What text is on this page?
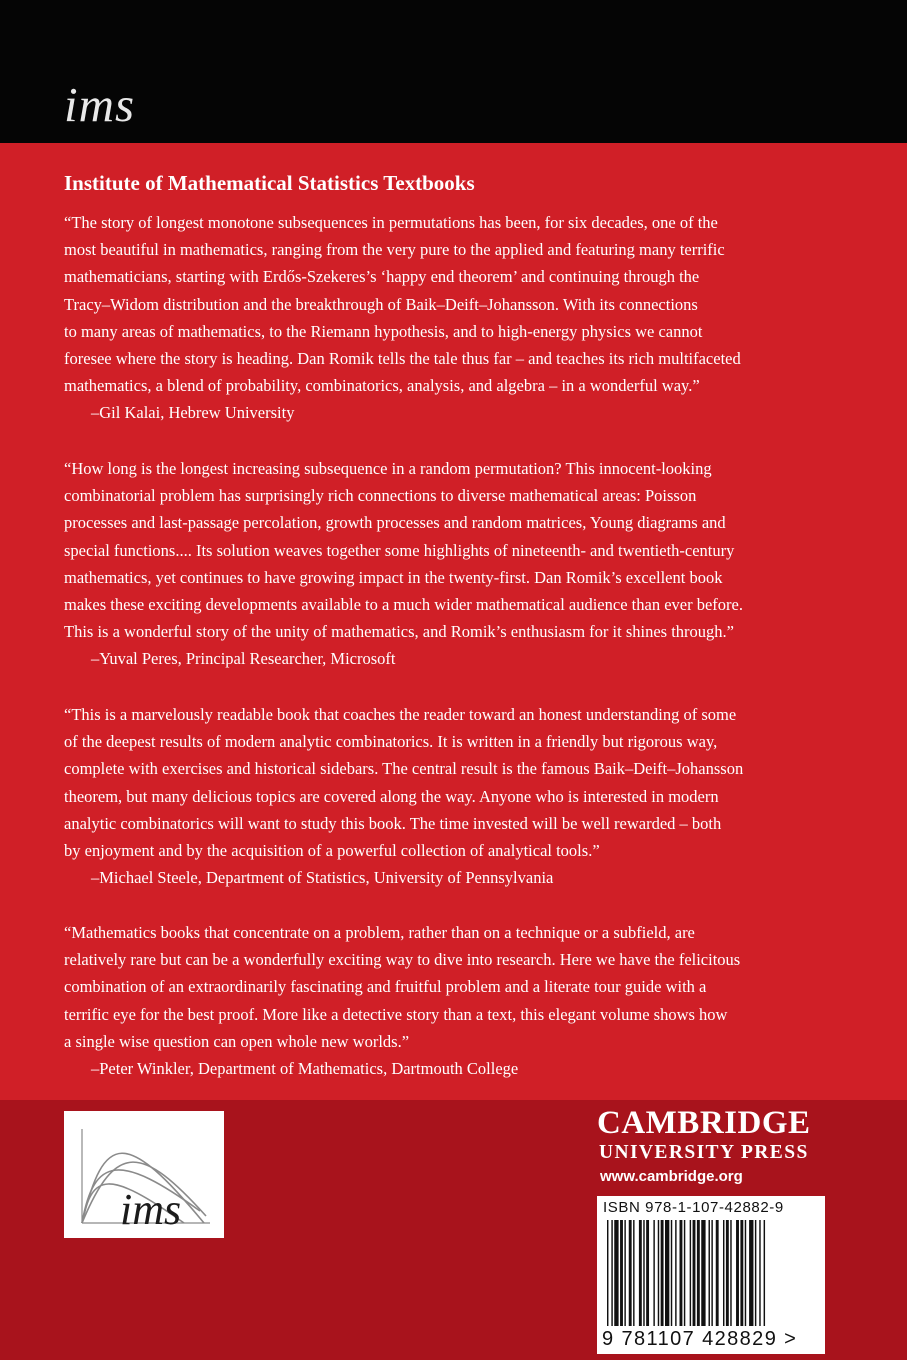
ims
Institute of Mathematical Statistics Textbooks
“The story of longest monotone subsequences in permutations has been, for six decades, one of the
most beautiful in mathematics, ranging from the very pure to the applied and featuring many terrific
mathematicians, starting with Erdős-Szekeres’s ‘happy end theorem’ and continuing through the
Tracy–Widom distribution and the breakthrough of Baik–Deift–Johansson. With its connections
to many areas of mathematics, to the Riemann hypothesis, and to high-energy physics we cannot
foresee where the story is heading. Dan Romik tells the tale thus far – and teaches its rich multifaceted
mathematics, a blend of probability, combinatorics, analysis, and algebra – in a wonderful way.”
–Gil Kalai, Hebrew University
“How long is the longest increasing subsequence in a random permutation? This innocent-looking
combinatorial problem has surprisingly rich connections to diverse mathematical areas: Poisson
processes and last-passage percolation, growth processes and random matrices, Young diagrams and
special functions.... Its solution weaves together some highlights of nineteenth- and twentieth-century
mathematics, yet continues to have growing impact in the twenty-first. Dan Romik’s excellent book
makes these exciting developments available to a much wider mathematical audience than ever before.
This is a wonderful story of the unity of mathematics, and Romik’s enthusiasm for it shines through.”
–Yuval Peres, Principal Researcher, Microsoft
“This is a marvelously readable book that coaches the reader toward an honest understanding of some
of the deepest results of modern analytic combinatorics. It is written in a friendly but rigorous way,
complete with exercises and historical sidebars. The central result is the famous Baik–Deift–Johansson
theorem, but many delicious topics are covered along the way. Anyone who is interested in modern
analytic combinatorics will want to study this book. The time invested will be well rewarded – both
by enjoyment and by the acquisition of a powerful collection of analytical tools.”
–Michael Steele, Department of Statistics, University of Pennsylvania
“Mathematics books that concentrate on a problem, rather than on a technique or a subfield, are
relatively rare but can be a wonderfully exciting way to dive into research. Here we have the felicitous
combination of an extraordinarily fascinating and fruitful problem and a literate tour guide with a
terrific eye for the best proof. More like a detective story than a text, this elegant volume shows how
a single wise question can open whole new worlds.”
–Peter Winkler, Department of Mathematics, Dartmouth College
ims
CAMBRIDGE
UNIVERSITY PRESS
www.cambridge.org
ISBN 978-1-107-42882-9
9 781107 428829 >
